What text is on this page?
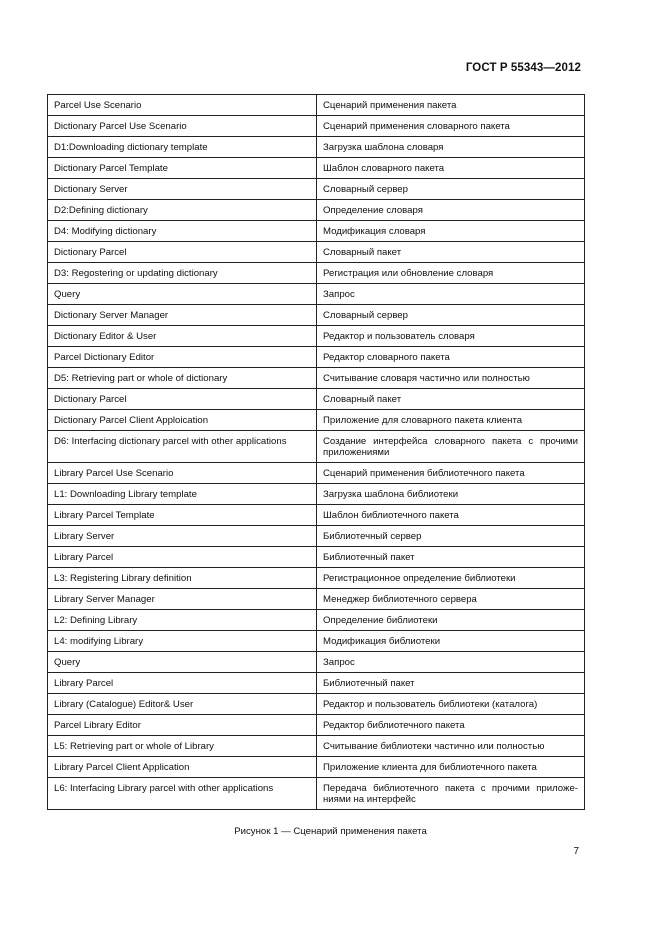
ГОСТ Р 55343—2012
Parcel Use Scenario	Сценарий применения пакета
Dictionary Parcel Use Scenario	Сценарий применения словарного пакета
D1:Downloading dictionary template	Загрузка шаблона словаря
Dictionary Parcel Template	Шаблон словарного пакета
Dictionary Server	Словарный сервер
D2:Defining dictionary	Определение словаря
D4: Modifying dictionary	Модификация словаря
Dictionary Parcel	Словарный пакет
D3: Regostering or updating dictionary	Регистрация или обновление словаря
Query	Запрос
Dictionary Server Manager	Словарный сервер
Dictionary Editor & User	Редактор и пользователь словаря
Parcel Dictionary Editor	Редактор словарного пакета
D5: Retrieving part or whole of dictionary	Считывание словаря частично или полностью
Dictionary Parcel	Словарный пакет
Dictionary Parcel Client Apploication	Приложение для словарного пакета клиента
D6: Interfacing dictionary parcel with other applications	Создание интерфейса словарного пакета с прочими приложениями
Library Parcel Use Scenario	Сценарий применения библиотечного пакета
L1: Downloading Library template	Загрузка шаблона библиотеки
Library Parcel Template	Шаблон библиотечного пакета
Library Server	Библиотечный сервер
Library Parcel	Библиотечный пакет
L3: Registering Library definition	Регистрационное определение библиотеки
Library Server Manager	Менеджер библиотечного сервера
L2: Defining Library	Определение библиотеки
L4: modifying Library	Модификация библиотеки
Query	Запрос
Library Parcel	Библиотечный пакет
Library (Catalogue) Editor& User	Редактор и пользователь библиотеки (каталога)
Parcel Library Editor	Редактор библиотечного пакета
L5: Retrieving part or whole of Library	Считывание библиотеки частично или полностью
Library Parcel Client Application	Приложение клиента для библиотечного пакета
L6: Interfacing Library parcel with other applications	Передача библиотечного пакета с прочими приложениями на интерфейс
Рисунок 1 — Сценарий применения пакета
7
